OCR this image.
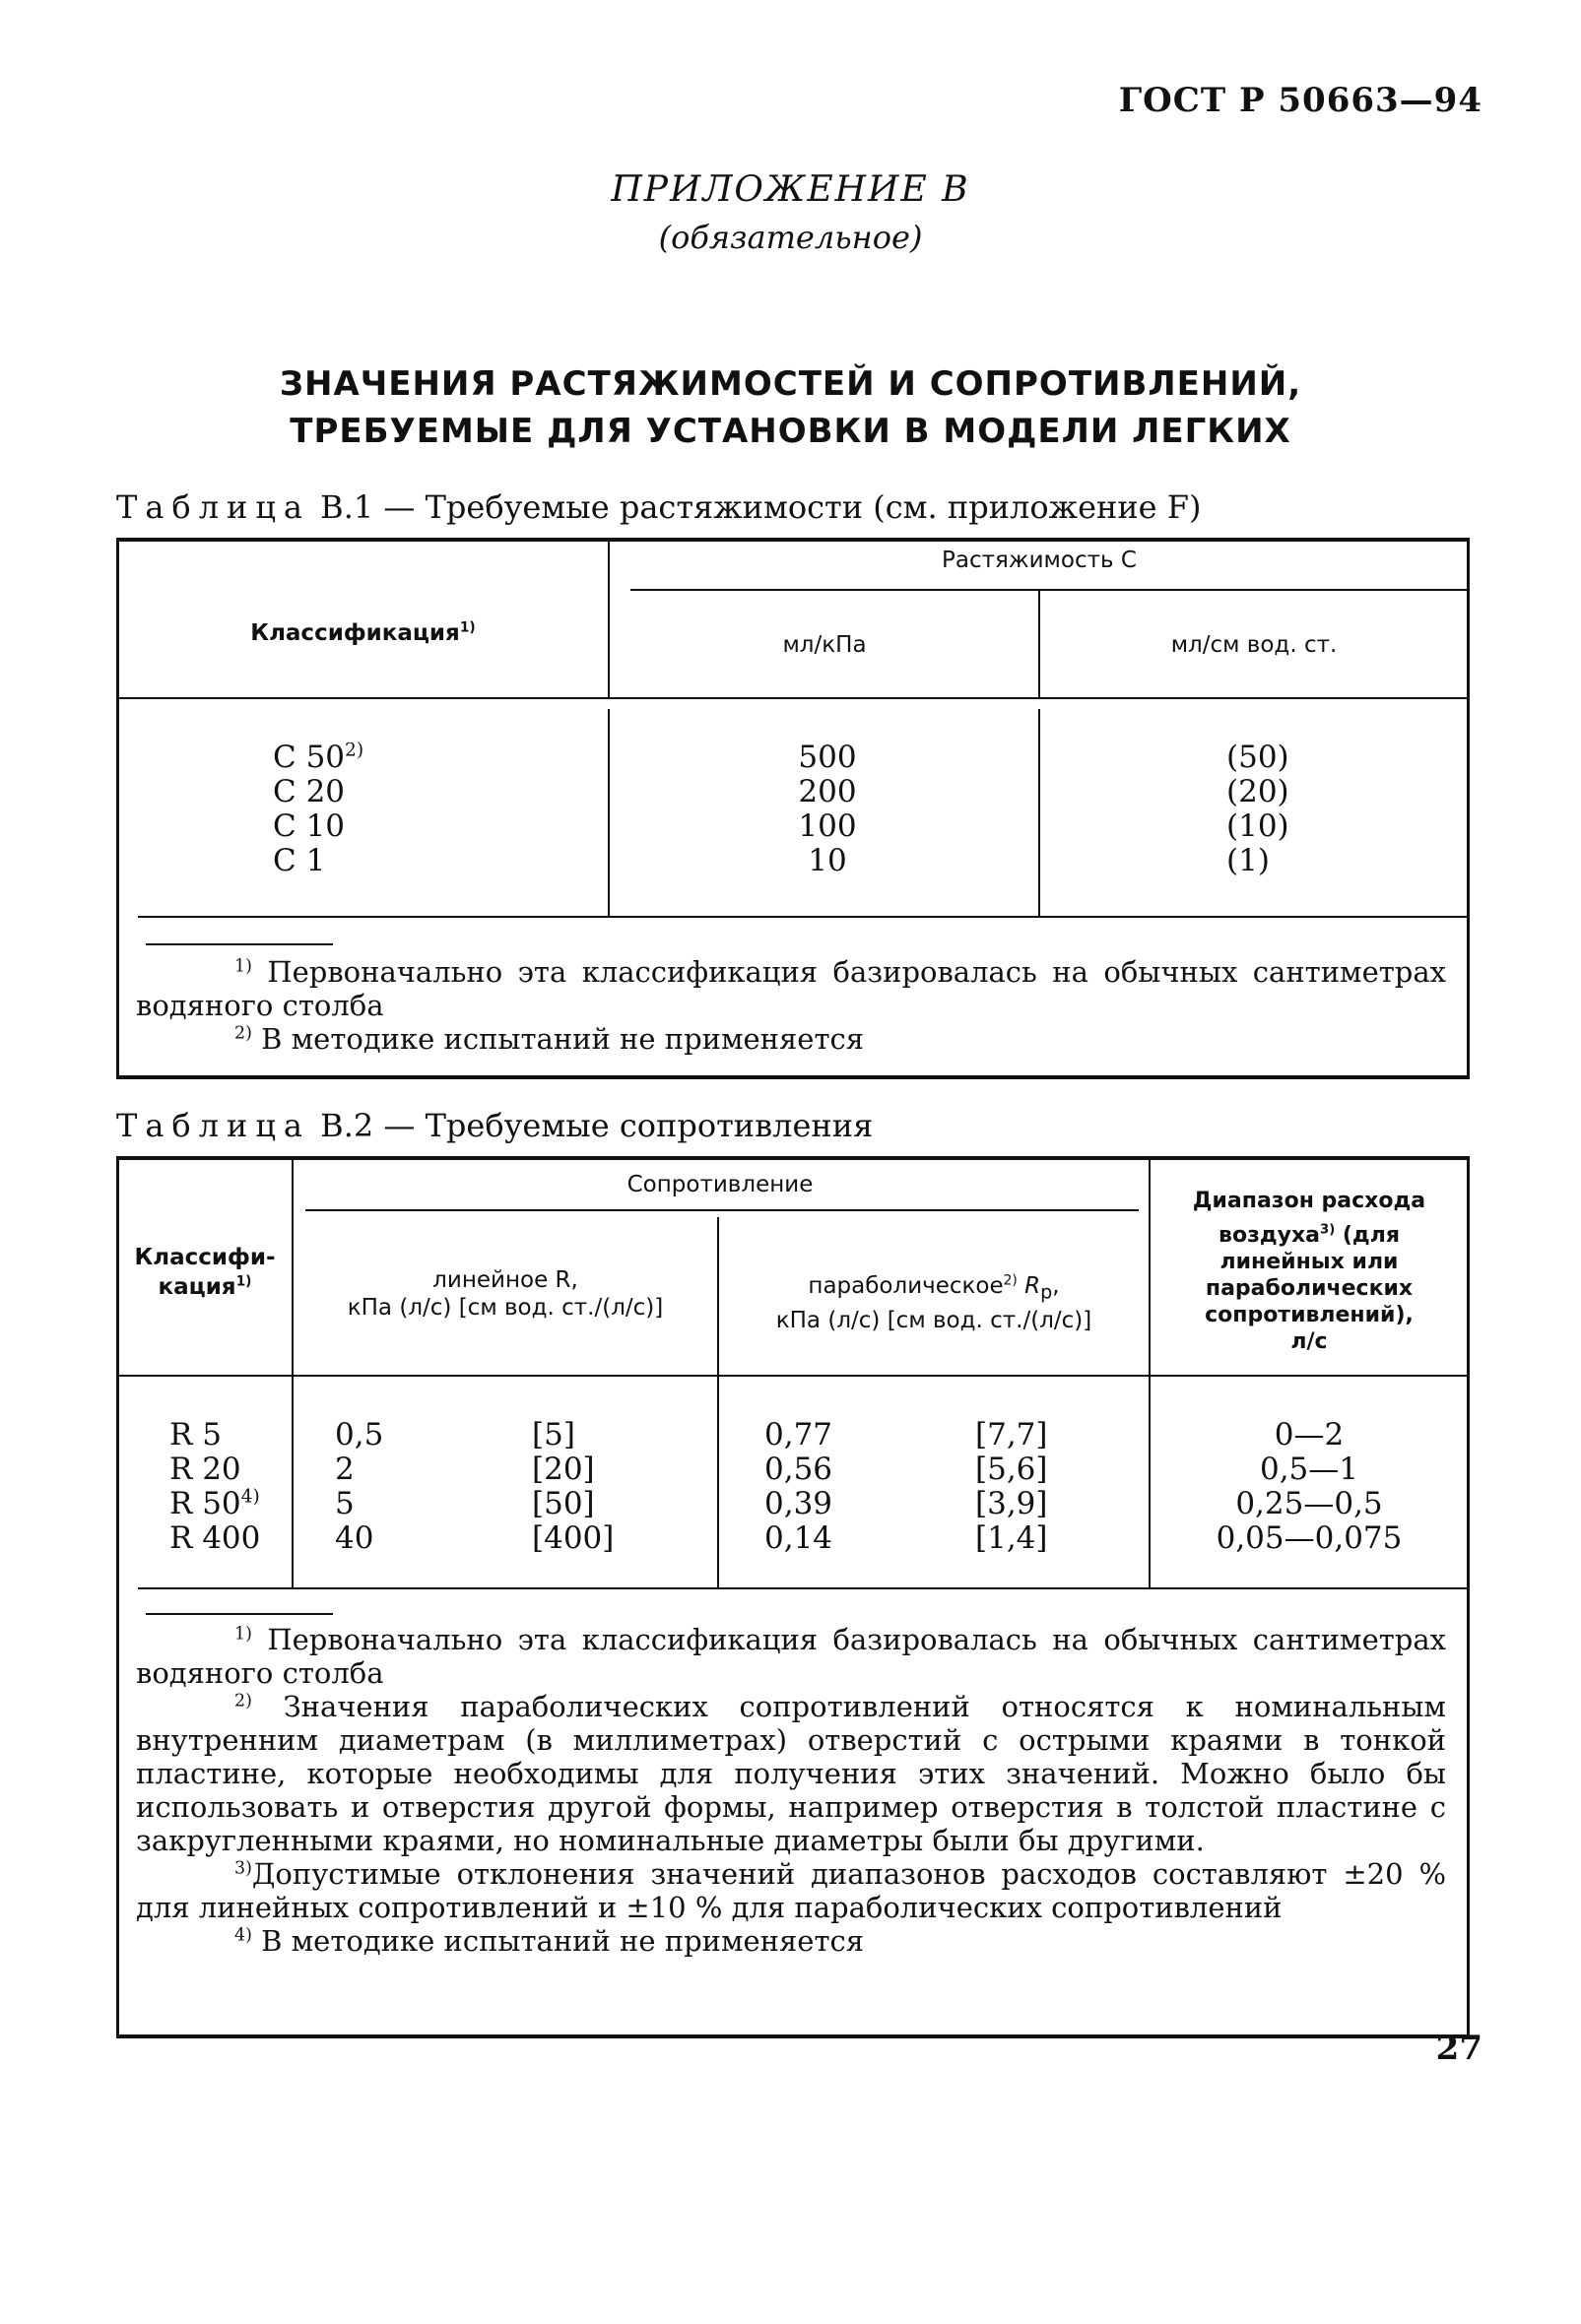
ГОСТ Р 50663—94
ПРИЛОЖЕНИЕ В
(обязательное)
ЗНАЧЕНИЯ РАСТЯЖИМОСТЕЙ И СОПРОТИВЛЕНИЙ,
ТРЕБУЕМЫЕ ДЛЯ УСТАНОВКИ В МОДЕЛИ ЛЕГКИХ
Таблица В.1 — Требуемые растяжимости (см. приложение F)
Растяжимость C
Классификация$^{1)}$
мл/кПа	мл/см вод. ст.
C 50$^{2)}$
C 20
C 10
C 1
500
200
100
10
(50)
(20)
(10)
(1)

$^{1)}$ Первоначально эта классификация базировалась на обычных сантиметрах водяного столба

$^{2)}$ В методике испытаний не применяется

Таблица В.2 — Требуемые сопротивления
Классифи-
кация$^{1)}$
Сопротивление
линейное R,
кПа (л/с) [см вод. ст./(л/с)]
параболическое$^{2)}$ $R_p$,
кПа (л/с) [см вод. ст./(л/с)]
Диапазон расхода
воздуха$^{3)}$ (для
линейных или
параболических
сопротивлений),
л/с
R 5
R 20
R 50$^{4)}$
R 400
0,5
2
5
40
[5]
[20]
[50]
[400]
0,77
0,56
0,39
0,14
[7,7]
[5,6]
[3,9]
[1,4]
0—2
0,5—1
0,25—0,5
0,05—0,075

$^{1)}$ Первоначально эта классификация базировалась на обычных сантиметрах водяного столба

$^{2)}$ Значения параболических сопротивлений относятся к номинальным внутренним диаметрам (в миллиметрах) отверстий с острыми краями в тонкой пластине, которые необходимы для получения этих значений. Можно было бы использовать и отверстия другой формы, например отверстия в толстой пластине с закругленными краями, но номинальные диаметры были бы другими.

$^{3)}$Допустимые отклонения значений диапазонов расходов составляют ±20 % для линейных сопротивлений и ±10 % для параболических сопротивлений

$^{4)}$ В методике испытаний не применяется

27
